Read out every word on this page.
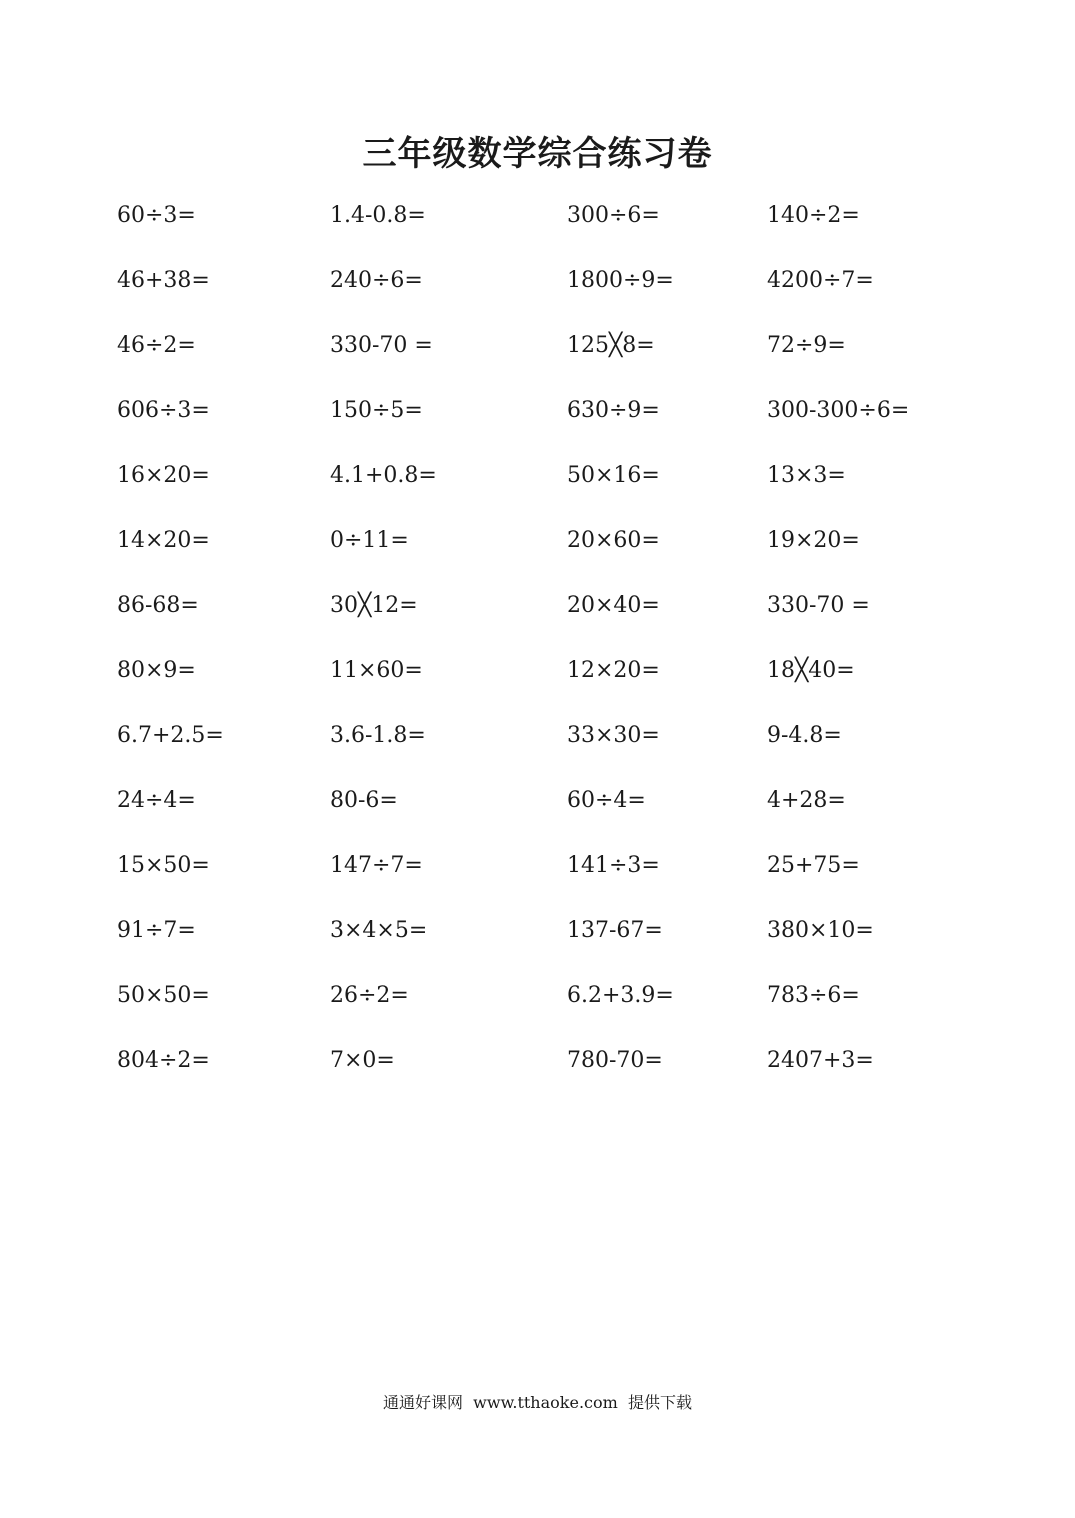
三年级数学综合练习卷
60÷3=	1.4-0.8=	300÷6=	140÷2=
46+38=	240÷6=	1800÷9=	4200÷7=
46÷2=	330-70 =	125╳8=	72÷9=
606÷3=	150÷5=	630÷9=	300-300÷6=
16×20=	4.1+0.8=	50×16=	13×3=
14×20=	0÷11=	20×60=	19×20=
86-68=	30╳12=	20×40=	330-70 =
80×9=	11×60=	12×20=	18╳40=
6.7+2.5=	3.6-1.8=	33×30=	9-4.8=
24÷4=	80-6=	60÷4=	4+28=
15×50=	147÷7=	141÷3=	25+75=
91÷7=	3×4×5=	137-67=	380×10=
50×50=	26÷2=	6.2+3.9=	783÷6=
804÷2=	7×0=	780-70=	2407+3=
通通好课网  www.tthaoke.com  提供下载
